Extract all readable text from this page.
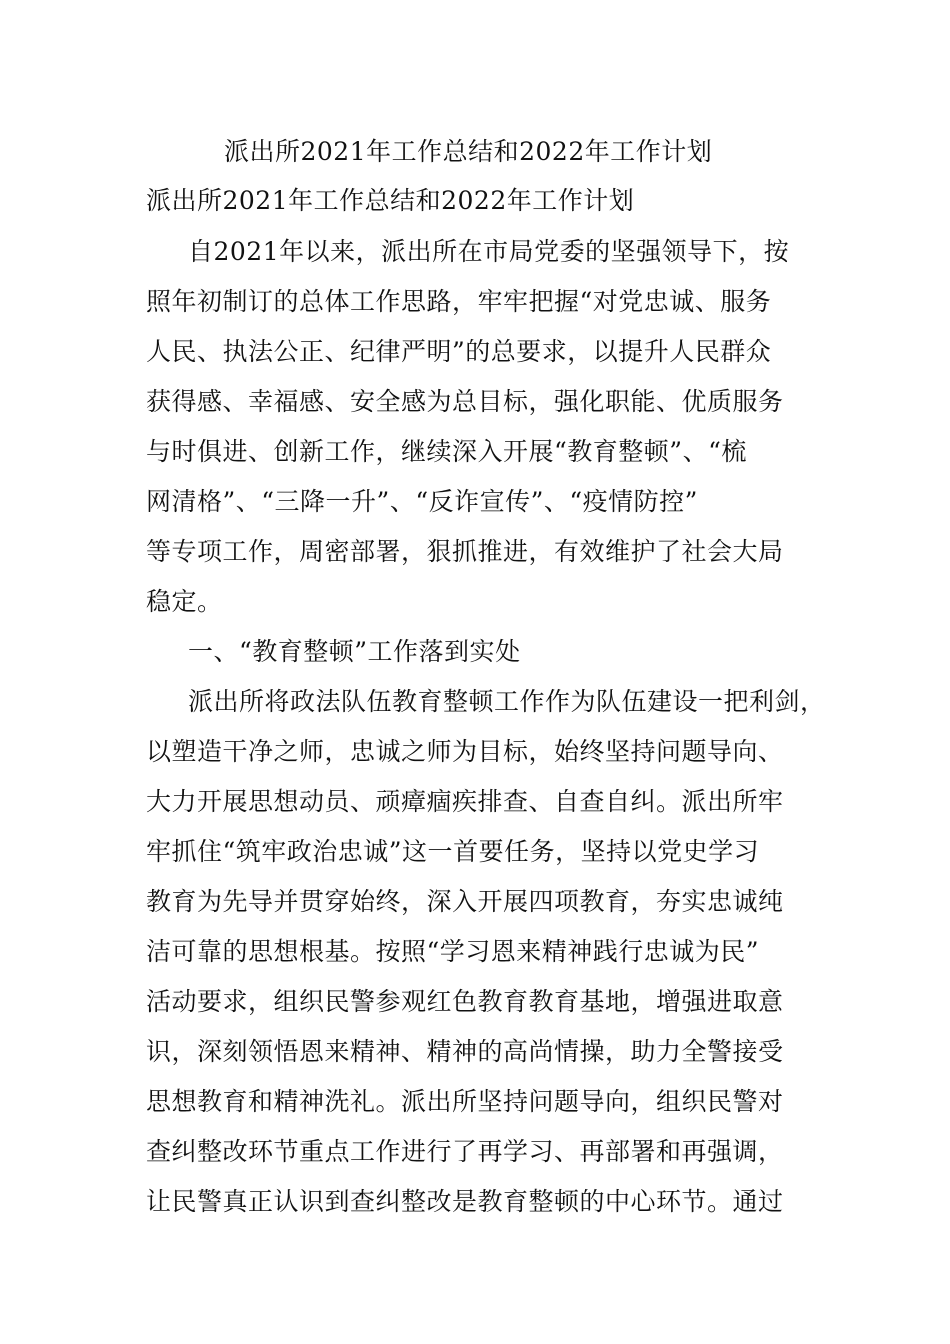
派出所2021年工作总结和2022年工作计划
派出所2021年工作总结和2022年工作计划
自2021年以来，派出所在市局党委的坚强领导下，按
照年初制订的总体工作思路，牢牢把握“对党忠诚、服务
人民、执法公正、纪律严明”的总要求，以提升人民群众
获得感、幸福感、安全感为总目标，强化职能、优质服务
与时俱进、创新工作，继续深入开展“教育整顿”、“梳
网清格”、“三降一升”、“反诈宣传”、“疫情防控”
等专项工作，周密部署，狠抓推进，有效维护了社会大局
稳定。
一、“教育整顿”工作落到实处
派出所将政法队伍教育整顿工作作为队伍建设一把利剑，
以塑造干净之师，忠诚之师为目标，始终坚持问题导向、
大力开展思想动员、顽瘴痼疾排查、自查自纠。派出所牢
牢抓住“筑牢政治忠诚”这一首要任务，坚持以党史学习
教育为先导并贯穿始终，深入开展四项教育，夯实忠诚纯
洁可靠的思想根基。按照“学习恩来精神践行忠诚为民”
活动要求，组织民警参观红色教育教育基地，增强进取意
识，深刻领悟恩来精神、精神的高尚情操，助力全警接受
思想教育和精神洗礼。派出所坚持问题导向，组织民警对
查纠整改环节重点工作进行了再学习、再部署和再强调，
让民警真正认识到查纠整改是教育整顿的中心环节。通过
